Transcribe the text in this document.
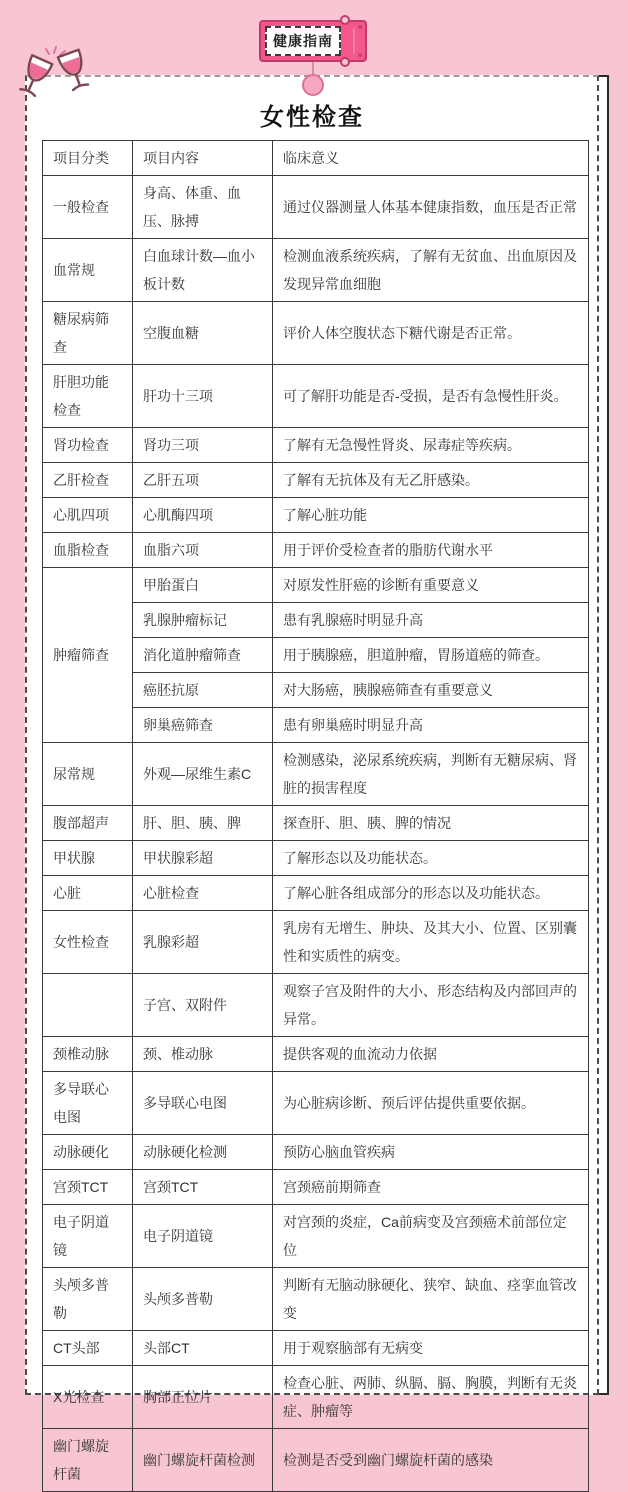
健康指南
女性检查
项目分类	项目内容	临床意义
一般检查	身高、体重、血压、脉搏	通过仪器测量人体基本健康指数，血压是否正常
血常规	白血球计数—血小板计数	检测血液系统疾病，了解有无贫血、出血原因及发现异常血细胞
糖尿病筛查	空腹血糖	评价人体空腹状态下糖代谢是否正常。
肝胆功能检查	肝功十三项	可了解肝功能是否-受损，是否有急慢性肝炎。
肾功检查	肾功三项	了解有无急慢性肾炎、尿毒症等疾病。
乙肝检查	乙肝五项	了解有无抗体及有无乙肝感染。
心肌四项	心肌酶四项	了解心脏功能
血脂检查	血脂六项	用于评价受检查者的脂肪代谢水平
肿瘤筛查	甲胎蛋白	对原发性肝癌的诊断有重要意义
	乳腺肿瘤标记	患有乳腺癌时明显升高
	消化道肿瘤筛查	用于胰腺癌，胆道肿瘤，胃肠道癌的筛查。
	癌胚抗原	对大肠癌，胰腺癌筛查有重要意义
	卵巢癌筛查	患有卵巢癌时明显升高
尿常规	外观—尿维生素C	检测感染，泌尿系统疾病，判断有无糖尿病、肾脏的损害程度
腹部超声	肝、胆、胰、脾	探查肝、胆、胰、脾的情况
甲状腺	甲状腺彩超	了解形态以及功能状态。
心脏	心脏检查	了解心脏各组成部分的形态以及功能状态。
女性检查	乳腺彩超	乳房有无增生、肿块、及其大小、位置、区别囊性和实质性的病变。
	子宫、双附件	观察子宫及附件的大小、形态结构及内部回声的异常。
颈椎动脉	颈、椎动脉	提供客观的血流动力依据
多导联心电图	多导联心电图	为心脏病诊断、预后评估提供重要依据。
动脉硬化	动脉硬化检测	预防心脑血管疾病
宫颈TCT	宫颈TCT	宫颈癌前期筛查
电子阴道镜	电子阴道镜	对宫颈的炎症，Ca前病变及宫颈癌术前部位定位
头颅多普勒	头颅多普勒	判断有无脑动脉硬化、狭窄、缺血、痉挛血管改变
CT头部	头部CT	用于观察脑部有无病变
X光检查	胸部正位片	检查心脏、两肺、纵膈、膈、胸膜，判断有无炎症、肿瘤等
幽门螺旋杆菌	幽门螺旋杆菌检测	检测是否受到幽门螺旋杆菌的感染
